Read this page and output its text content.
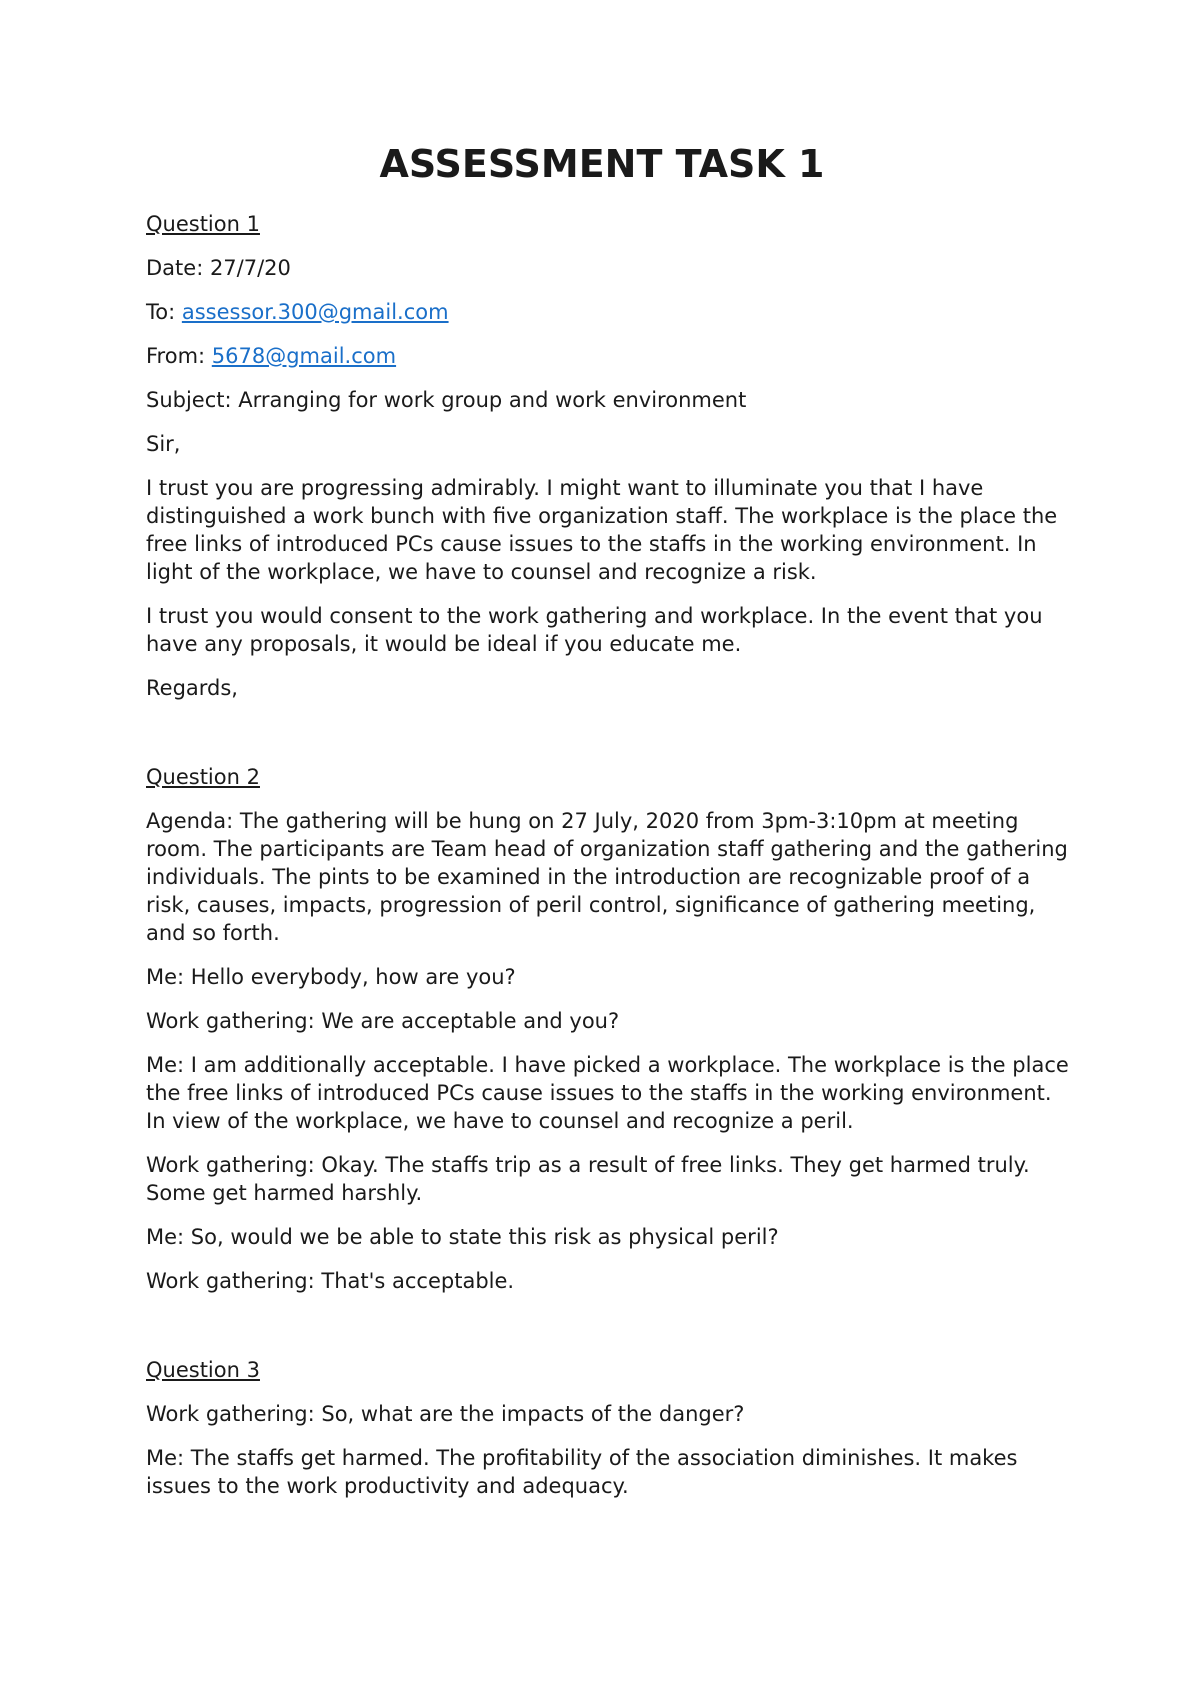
ASSESSMENT TASK 1
Question 1

Date: 27/7/20

To: assessor.300@gmail.com

From: 5678@gmail.com

Subject: Arranging for work group and work environment

Sir,

I trust you are progressing admirably. I might want to illuminate you that I have distinguished a work bunch with five organization staff. The workplace is the place the free links of introduced PCs cause issues to the staffs in the working environment. In light of the workplace, we have to counsel and recognize a risk.

I trust you would consent to the work gathering and workplace. In the event that you have any proposals, it would be ideal if you educate me.

Regards,

Question 2

Agenda: The gathering will be hung on 27 July, 2020 from 3pm-3:10pm at meeting room. The participants are Team head of organization staff gathering and the gathering individuals. The pints to be examined in the introduction are recognizable proof of a risk, causes, impacts, progression of peril control, significance of gathering meeting, and so forth.

Me: Hello everybody, how are you?

Work gathering: We are acceptable and you?

Me: I am additionally acceptable. I have picked a workplace. The workplace is the place the free links of introduced PCs cause issues to the staffs in the working environment. In view of the workplace, we have to counsel and recognize a peril.

Work gathering: Okay. The staffs trip as a result of free links. They get harmed truly. Some get harmed harshly.

Me: So, would we be able to state this risk as physical peril?

Work gathering: That's acceptable.

Question 3

Work gathering: So, what are the impacts of the danger?

Me: The staffs get harmed. The profitability of the association diminishes. It makes issues to the work productivity and adequacy.
